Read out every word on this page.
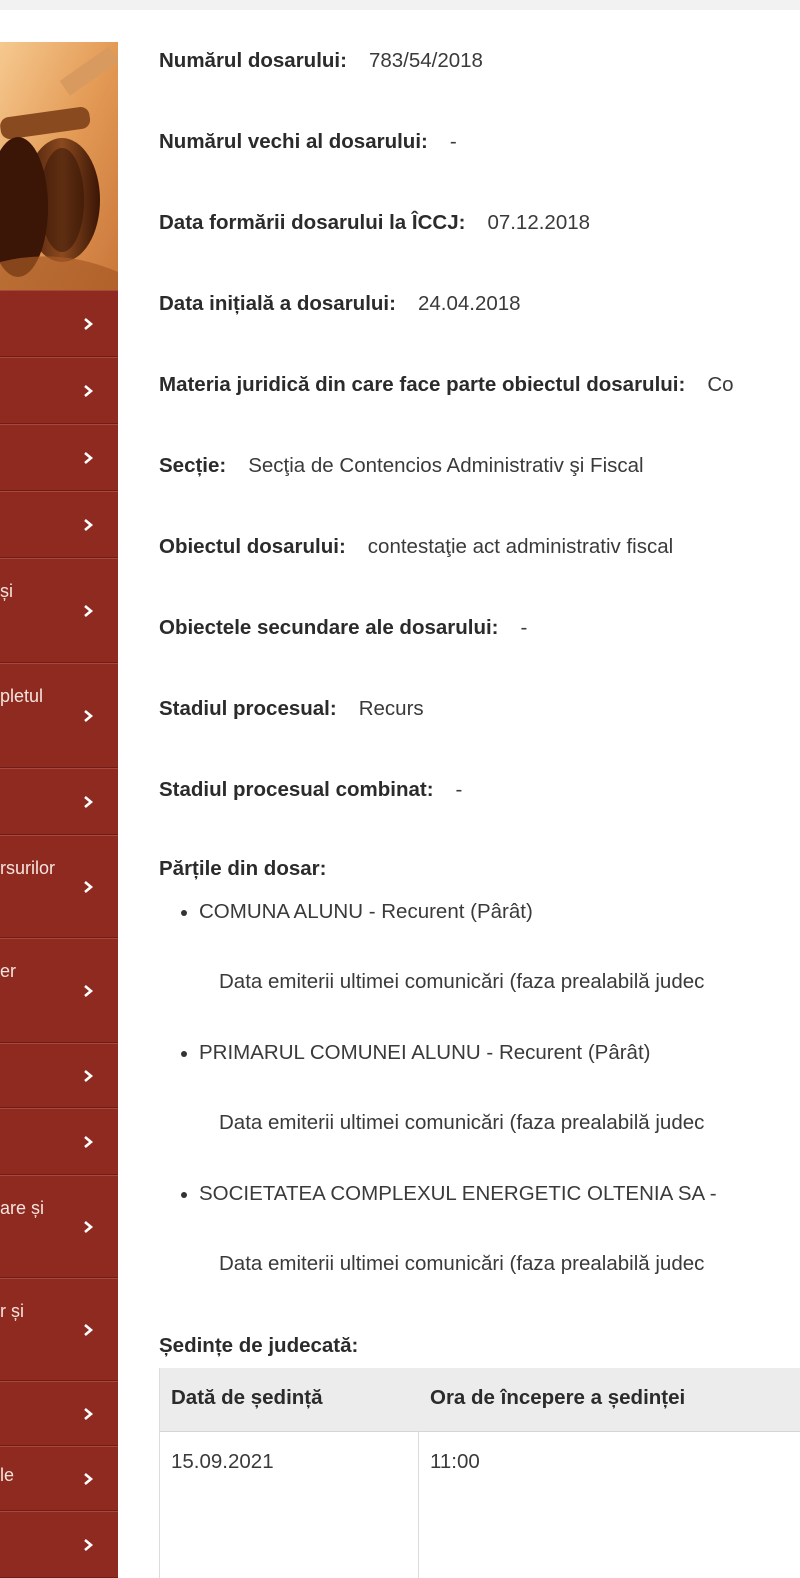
și
pletul
rsurilor
er
are și
r și
le
Numărul dosarului: 783/54/2018
Numărul vechi al dosarului: -
Data formării dosarului la ÎCCJ: 07.12.2018
Data inițială a dosarului: 24.04.2018
Materia juridică din care face parte obiectul dosarului: Co
Secție: Secţia de Contencios Administrativ şi Fiscal
Obiectul dosarului: contestaţie act administrativ fiscal
Obiectele secundare ale dosarului: -
Stadiul procesual: Recurs
Stadiul procesual combinat: -
Părțile din dosar:
COMUNA ALUNU - Recurent (Pârât)
Data emiterii ultimei comunicări (faza prealabilă judec
PRIMARUL COMUNEI ALUNU - Recurent (Pârât)
Data emiterii ultimei comunicări (faza prealabilă judec
SOCIETATEA COMPLEXUL ENERGETIC OLTENIA SA -
Data emiterii ultimei comunicări (faza prealabilă judec
Ședințe de judecată:
Dată de ședință	Ora de începere a ședinței
15.09.2021	11:00
